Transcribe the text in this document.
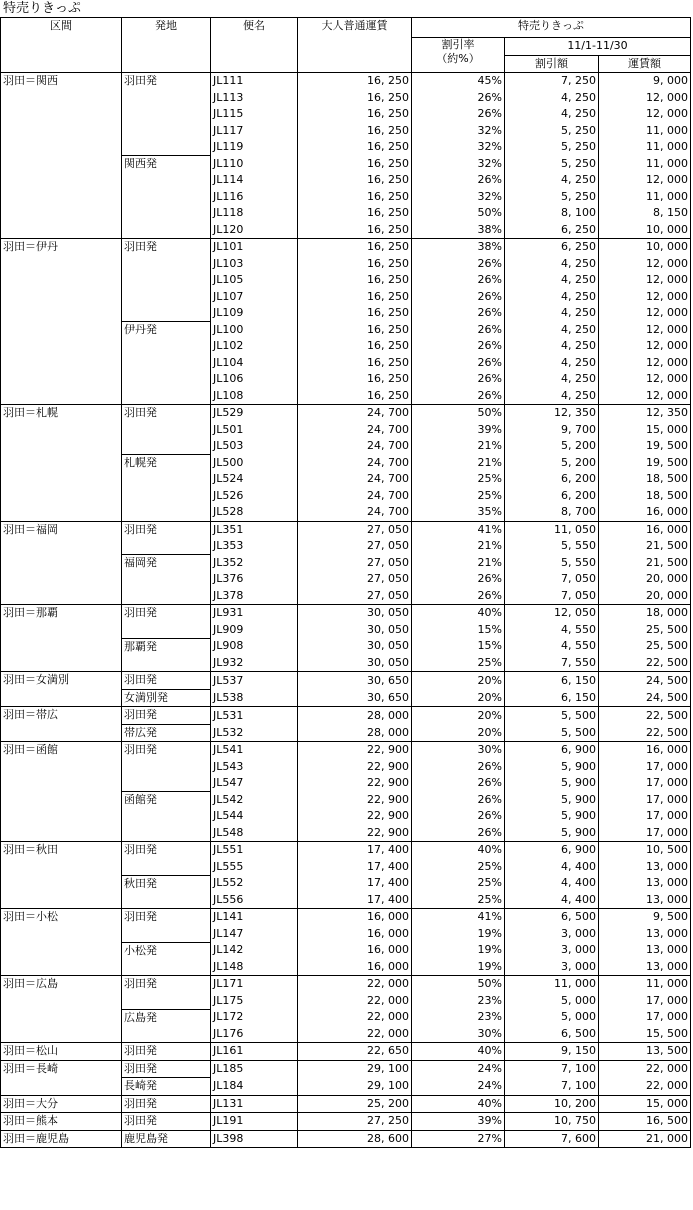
特売りきっぷ
区間	発地	便名	大人普通運賃	特売りきっぷ		

				割引率
（約%）	11/1-11/30	
					割引額	運賃額
羽田＝関西	羽田発	JL111	16, 250	45%	7, 250	9, 000
		JL113	16, 250	26%	4, 250	12, 000
		JL115	16, 250	26%	4, 250	12, 000
		JL117	16, 250	32%	5, 250	11, 000
		JL119	16, 250	32%	5, 250	11, 000
	関西発	JL110	16, 250	32%	5, 250	11, 000
		JL114	16, 250	26%	4, 250	12, 000
		JL116	16, 250	32%	5, 250	11, 000
		JL118	16, 250	50%	8, 100	8, 150
		JL120	16, 250	38%	6, 250	10, 000
羽田＝伊丹	羽田発	JL101	16, 250	38%	6, 250	10, 000
		JL103	16, 250	26%	4, 250	12, 000
		JL105	16, 250	26%	4, 250	12, 000
		JL107	16, 250	26%	4, 250	12, 000
		JL109	16, 250	26%	4, 250	12, 000
	伊丹発	JL100	16, 250	26%	4, 250	12, 000
		JL102	16, 250	26%	4, 250	12, 000
		JL104	16, 250	26%	4, 250	12, 000
		JL106	16, 250	26%	4, 250	12, 000
		JL108	16, 250	26%	4, 250	12, 000
羽田＝札幌	羽田発	JL529	24, 700	50%	12, 350	12, 350
		JL501	24, 700	39%	9, 700	15, 000
		JL503	24, 700	21%	5, 200	19, 500
	札幌発	JL500	24, 700	21%	5, 200	19, 500
		JL524	24, 700	25%	6, 200	18, 500
		JL526	24, 700	25%	6, 200	18, 500
		JL528	24, 700	35%	8, 700	16, 000
羽田＝福岡	羽田発	JL351	27, 050	41%	11, 050	16, 000
		JL353	27, 050	21%	5, 550	21, 500
	福岡発	JL352	27, 050	21%	5, 550	21, 500
		JL376	27, 050	26%	7, 050	20, 000
		JL378	27, 050	26%	7, 050	20, 000
羽田＝那覇	羽田発	JL931	30, 050	40%	12, 050	18, 000
		JL909	30, 050	15%	4, 550	25, 500
	那覇発	JL908	30, 050	15%	4, 550	25, 500
		JL932	30, 050	25%	7, 550	22, 500
羽田＝女満別	羽田発	JL537	30, 650	20%	6, 150	24, 500
	女満別発	JL538	30, 650	20%	6, 150	24, 500
羽田＝帯広	羽田発	JL531	28, 000	20%	5, 500	22, 500
	帯広発	JL532	28, 000	20%	5, 500	22, 500
羽田＝函館	羽田発	JL541	22, 900	30%	6, 900	16, 000
		JL543	22, 900	26%	5, 900	17, 000
		JL547	22, 900	26%	5, 900	17, 000
	函館発	JL542	22, 900	26%	5, 900	17, 000
		JL544	22, 900	26%	5, 900	17, 000
		JL548	22, 900	26%	5, 900	17, 000
羽田＝秋田	羽田発	JL551	17, 400	40%	6, 900	10, 500
		JL555	17, 400	25%	4, 400	13, 000
	秋田発	JL552	17, 400	25%	4, 400	13, 000
		JL556	17, 400	25%	4, 400	13, 000
羽田＝小松	羽田発	JL141	16, 000	41%	6, 500	9, 500
		JL147	16, 000	19%	3, 000	13, 000
	小松発	JL142	16, 000	19%	3, 000	13, 000
		JL148	16, 000	19%	3, 000	13, 000
羽田＝広島	羽田発	JL171	22, 000	50%	11, 000	11, 000
		JL175	22, 000	23%	5, 000	17, 000
	広島発	JL172	22, 000	23%	5, 000	17, 000
		JL176	22, 000	30%	6, 500	15, 500
羽田＝松山	羽田発	JL161	22, 650	40%	9, 150	13, 500
羽田＝長崎	羽田発	JL185	29, 100	24%	7, 100	22, 000
	長崎発	JL184	29, 100	24%	7, 100	22, 000
羽田＝大分	羽田発	JL131	25, 200	40%	10, 200	15, 000
羽田＝熊本	羽田発	JL191	27, 250	39%	10, 750	16, 500
羽田＝鹿児島	鹿児島発	JL398	28, 600	27%	7, 600	21, 000
